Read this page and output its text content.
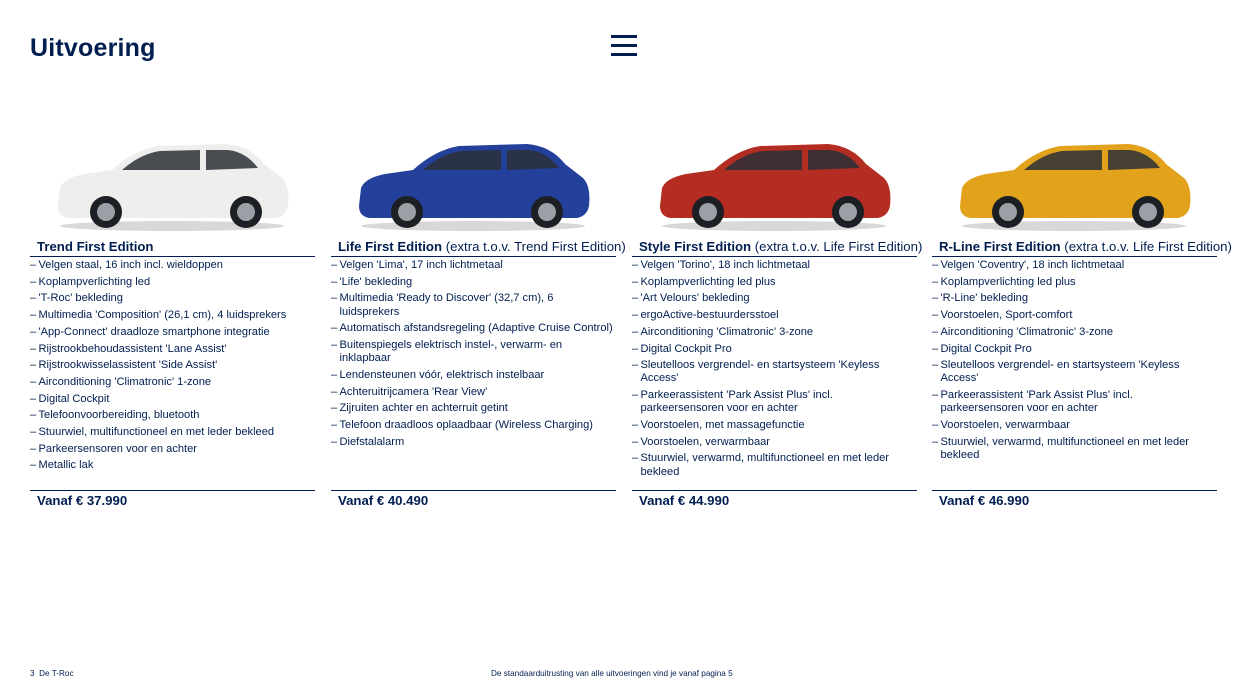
Uitvoering
Trend First Edition
– Velgen staal, 16 inch incl. wieldoppen
– Koplampverlichting led
– 'T-Roc' bekleding
– Multimedia 'Composition' (26,1 cm), 4 luidsprekers
– 'App-Connect' draadloze smartphone integratie
– Rijstrookbehoudassistent 'Lane Assist'
– Rijstrookwisselassistent 'Side Assist'
– Airconditioning 'Climatronic' 1-zone
– Digital Cockpit
– Telefoonvoorbereiding, bluetooth
– Stuurwiel, multifunctioneel en met leder bekleed
– Parkeersensoren voor en achter
– Metallic lak
Vanaf € 37.990
Life First Edition (extra t.o.v. Trend First Edition)
– Velgen 'Lima', 17 inch lichtmetaal
– 'Life' bekleding
– Multimedia 'Ready to Discover' (32,7 cm), 6 luidsprekers
– Automatisch afstandsregeling (Adaptive Cruise Control)
– Buitenspiegels elektrisch instel-, verwarm- en inklapbaar
– Lendensteunen vóór, elektrisch instelbaar
– Achteruitrijcamera 'Rear View'
– Zijruiten achter en achterruit getint
– Telefoon draadloos oplaadbaar (Wireless Charging)
– Diefstalalarm
Vanaf € 40.490
Style First Edition (extra t.o.v. Life First Edition)
– Velgen 'Torino', 18 inch lichtmetaal
– Koplampverlichting led plus
– 'Art Velours' bekleding
– ergoActive-bestuurdersstoel
– Airconditioning 'Climatronic' 3-zone
– Digital Cockpit Pro
– Sleutelloos vergrendel- en startsysteem 'Keyless Access'
– Parkeerassistent 'Park Assist Plus' incl. parkeersensoren voor en achter
– Voorstoelen, met massagefunctie
– Voorstoelen, verwarmbaar
– Stuurwiel, verwarmd, multifunctioneel en met leder bekleed
Vanaf € 44.990
R-Line First Edition (extra t.o.v. Life First Edition)
– Velgen 'Coventry', 18 inch lichtmetaal
– Koplampverlichting led plus
– 'R-Line' bekleding
– Voorstoelen, Sport-comfort
– Airconditioning 'Climatronic' 3-zone
– Digital Cockpit Pro
– Sleutelloos vergrendel- en startsysteem 'Keyless Access'
– Parkeerassistent 'Park Assist Plus' incl. parkeersensoren voor en achter
– Voorstoelen, verwarmbaar
– Stuurwiel, verwarmd, multifunctioneel en met leder bekleed
Vanaf € 46.990
3 De T-Roc	De standaarduitrusting van alle uitvoeringen vind je vanaf pagina 5
